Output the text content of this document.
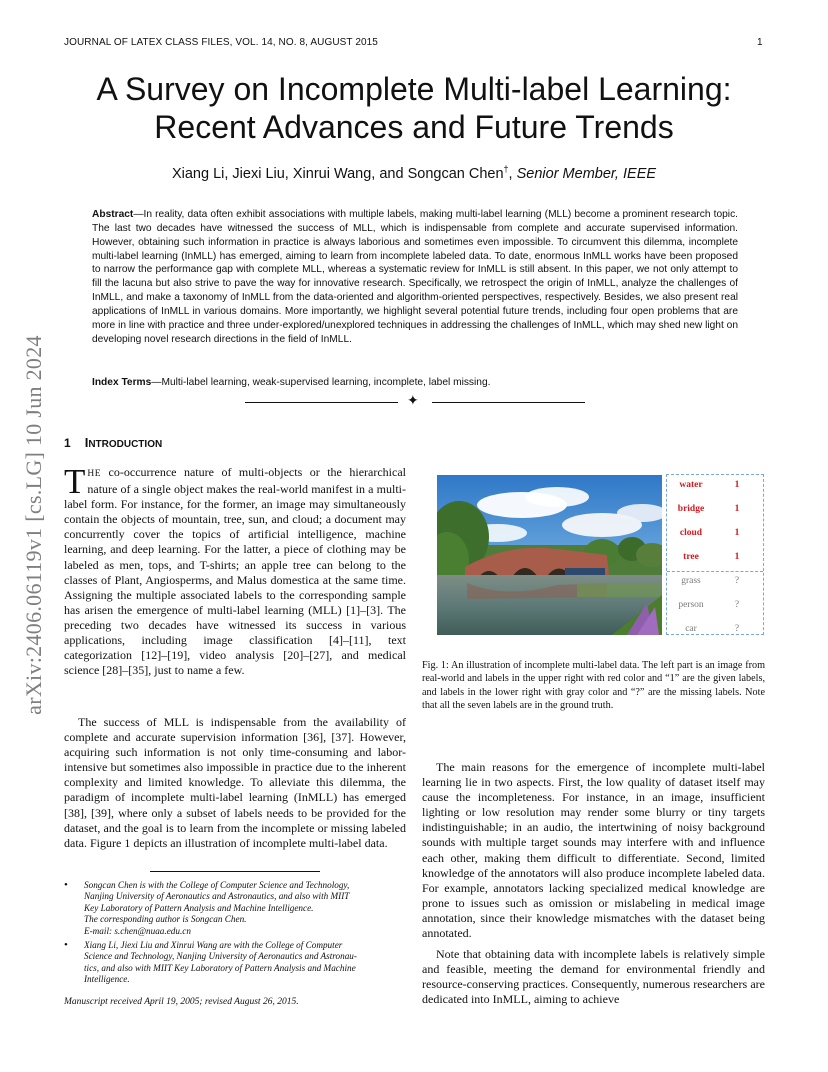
JOURNAL OF LATEX CLASS FILES, VOL. 14, NO. 8, AUGUST 2015	1
arXiv:2406.06119v1 [cs.LG] 10 Jun 2024
A Survey on Incomplete Multi-label Learning:
Recent Advances and Future Trends
Xiang Li, Jiexi Liu, Xinrui Wang, and Songcan Chen†, Senior Member, IEEE

Abstract—In reality, data often exhibit associations with multiple labels, making multi-label learning (MLL) become a prominent research topic. The last two decades have witnessed the success of MLL, which is indispensable from complete and accurate supervised information. However, obtaining such information in practice is always laborious and sometimes even impossible. To circumvent this dilemma, incomplete multi-label learning (InMLL) has emerged, aiming to learn from incomplete labeled data. To date, enormous InMLL works have been proposed to narrow the performance gap with complete MLL, whereas a systematic review for InMLL is still absent. In this paper, we not only attempt to fill the lacuna but also strive to pave the way for innovative research. Specifically, we retrospect the origin of InMLL, analyze the challenges of InMLL, and make a taxonomy of InMLL from the data-oriented and algorithm-oriented perspectives, respectively. Besides, we also present real applications of InMLL in various domains. More importantly, we highlight several potential future trends, including four open problems that are more in line with practice and three under-explored/unexplored techniques in addressing the challenges of InMLL, which may shed new light on developing novel research directions in the field of InMLL.

Index Terms—Multi-label learning, weak-supervised learning, incomplete, label missing.

✦
1 INTRODUCTION

THE co-occurrence nature of multi-objects or the hierarchical nature of a single object makes the real-world manifest in a multi-label form. For instance, for the former, an image may simultaneously contain the objects of mountain, tree, sun, and cloud; a document may concurrently cover the topics of artificial intelligence, machine learning, and deep learning. For the latter, a piece of clothing may be labeled as men, tops, and T-shirts; an apple tree can belong to the classes of Plant, Angiosperms, and Malus domestica at the same time. Assigning the multiple associated labels to the corresponding sample has arisen the emergence of multi-label learning (MLL) [1]–[3]. The preceding two decades have witnessed its success in various applications, including image classification [4]–[11], text categorization [12]–[19], video analysis [20]–[27], and medical science [28]–[35], just to name a few.

The success of MLL is indispensable from the availability of complete and accurate supervision information [36], [37]. However, acquiring such information is not only time-consuming and labor-intensive but sometimes also impossible in practice due to the inherent complexity and limited knowledge. To alleviate this dilemma, the paradigm of incomplete multi-label learning (InMLL) has emerged [38], [39], where only a subset of labels needs to be provided for the dataset, and the goal is to learn from the incomplete or missing labeled data. Figure 1 depicts an illustration of incomplete multi-label data.

• Songcan Chen is with the College of Computer Science and Technology,
Nanjing University of Aeronautics and Astronautics, and also with MIIT
Key Laboratory of Pattern Analysis and Machine Intelligence.
The corresponding author is Songcan Chen.
E-mail: s.chen@nuaa.edu.cn
• Xiang Li, Jiexi Liu and Xinrui Wang are with the College of Computer
Science and Technology, Nanjing University of Aeronautics and Astronau-
tics, and also with MIIT Key Laboratory of Pattern Analysis and Machine
Intelligence.
Manuscript received April 19, 2005; revised August 26, 2015.
water	1
bridge	1
cloud	1
tree	1
grass	?
person	?
car	?

Fig. 1: An illustration of incomplete multi-label data. The left part is an image from real-world and labels in the upper right with red color and “1” are the given labels, and labels in the lower right with gray color and “?” are the missing labels. Note that all the seven labels are in the ground truth.

The main reasons for the emergence of incomplete multi-label learning lie in two aspects. First, the low quality of dataset itself may cause the incompleteness. For instance, in an image, insufficient lighting or low resolution may render some blurry or tiny targets indistinguishable; in an audio, the intertwining of noisy background sounds with multiple target sounds may interfere with and influence each other, making them difficult to differentiate. Second, limited knowledge of the annotators will also produce incomplete labeled data. For example, annotators lacking specialized medical knowledge are prone to issues such as omission or mislabeling in medical image annotation, since their knowledge mismatches with the dataset being annotated.

Note that obtaining data with incomplete labels is relatively simple and feasible, meeting the demand for environmental friendly and resource-conserving practices. Consequently, numerous researchers are dedicated into InMLL, aiming to achieve
